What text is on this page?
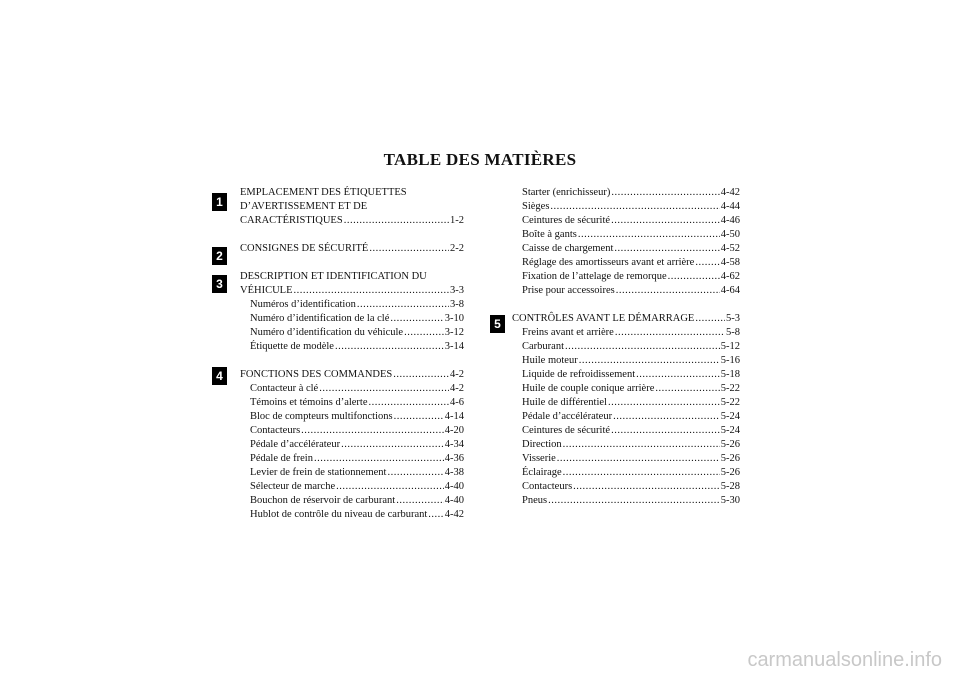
TABLE DES MATIÈRES
1
2
3
4
5
EMPLACEMENT DES ÉTIQUETTES
D’AVERTISSEMENT ET DE
CARACTÉRISTIQUES .....	1-2
CONSIGNES DE SÉCURITÉ .....	2-2
DESCRIPTION ET IDENTIFICATION DU
VÉHICULE .....	3-3
Numéros d’identification .....	3-8
Numéro d’identification de la clé .....	3-10
Numéro d’identification du véhicule .....	3-12
Étiquette de modèle .....	3-14
FONCTIONS DES COMMANDES .....	4-2
Contacteur à clé .....	4-2
Témoins et témoins d’alerte .....	4-6
Bloc de compteurs multifonctions .....	4-14
Contacteurs .....	4-20
Pédale d’accélérateur .....	4-34
Pédale de frein .....	4-36
Levier de frein de stationnement .....	4-38
Sélecteur de marche .....	4-40
Bouchon de réservoir de carburant .....	4-40
Hublot de contrôle du niveau de carburant ..... 4-42
Starter (enrichisseur) .....	4-42
Sièges .....	4-44
Ceintures de sécurité .....	4-46
Boîte à gants .....	4-50
Caisse de chargement .....	4-52
Réglage des amortisseurs avant et arrière .....	4-58
Fixation de l’attelage de remorque .....	4-62
Prise pour accessoires .....	4-64
CONTRÔLES AVANT LE DÉMARRAGE .....	5-3
Freins avant et arrière .....	5-8
Carburant .....	5-12
Huile moteur .....	5-16
Liquide de refroidissement .....	5-18
Huile de couple conique arrière .....	5-22
Huile de différentiel .....	5-22
Pédale d’accélérateur .....	5-24
Ceintures de sécurité .....	5-24
Direction .....	5-26
Visserie .....	5-26
Éclairage .....	5-26
Contacteurs .....	5-28
Pneus .....	5-30
carmanualsonline.info
